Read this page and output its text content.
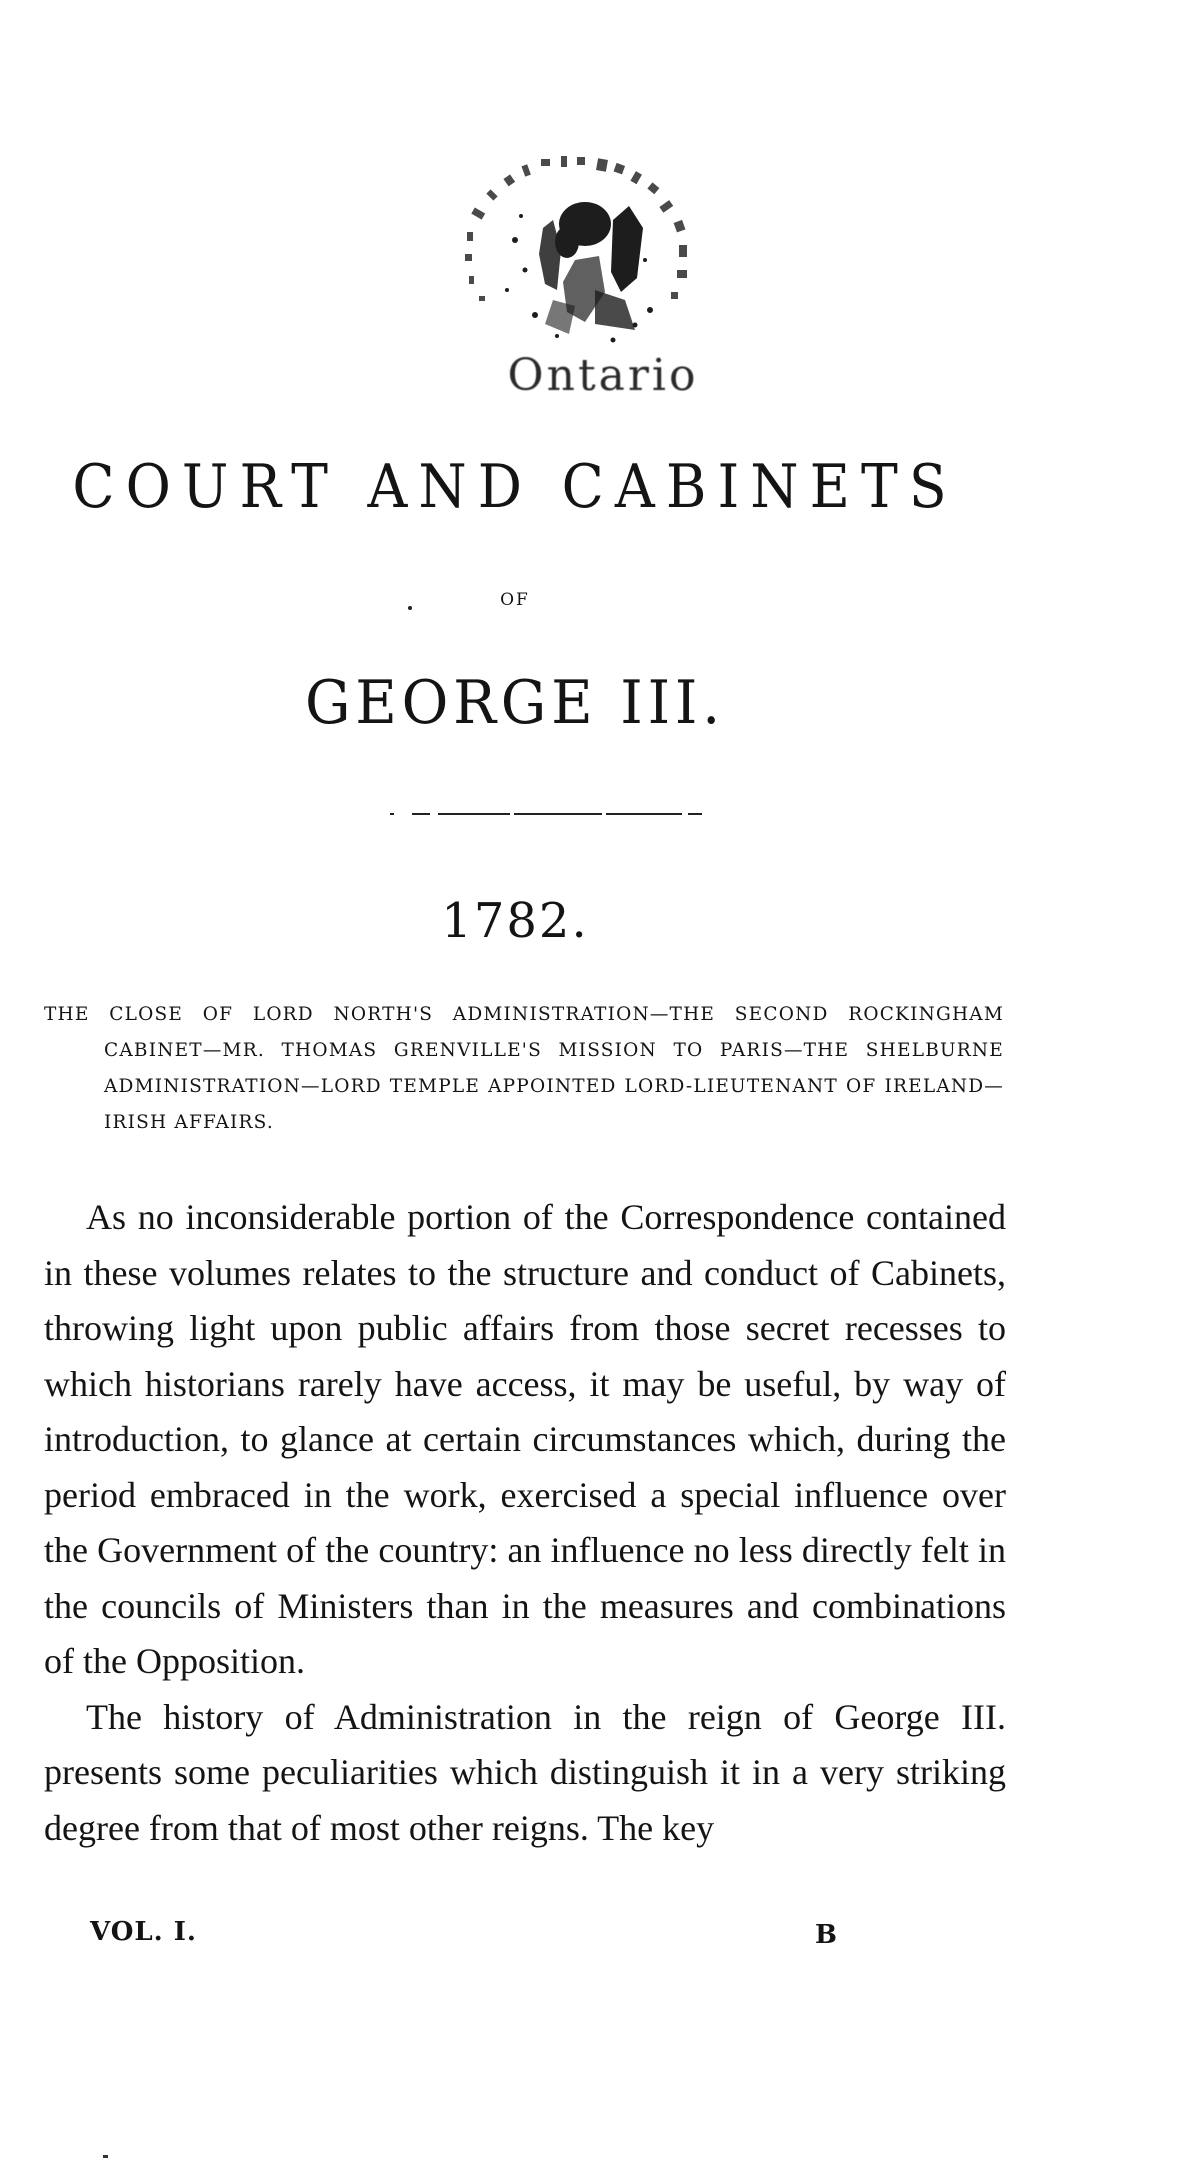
Ontario
COURT AND CABINETS
OF
GEORGE III.
1782.
THE CLOSE OF LORD NORTH'S ADMINISTRATION—THE SECOND ROCKINGHAM CABINET—MR. THOMAS GRENVILLE'S MISSION TO PARIS—THE SHELBURNE ADMINISTRATION—LORD TEMPLE APPOINTED LORD-LIEUTENANT OF IRELAND—IRISH AFFAIRS.

As no inconsiderable portion of the Correspondence contained in these volumes relates to the structure and conduct of Cabinets, throwing light upon public affairs from those secret recesses to which historians rarely have access, it may be useful, by way of introduction, to glance at certain circumstances which, during the period embraced in the work, exercised a special influence over the Government of the country: an influence no less directly felt in the councils of Ministers than in the measures and combinations of the Opposition.

The history of Administration in the reign of George III. presents some peculiarities which distinguish it in a very striking degree from that of most other reigns. The key

VOL. I.	B
